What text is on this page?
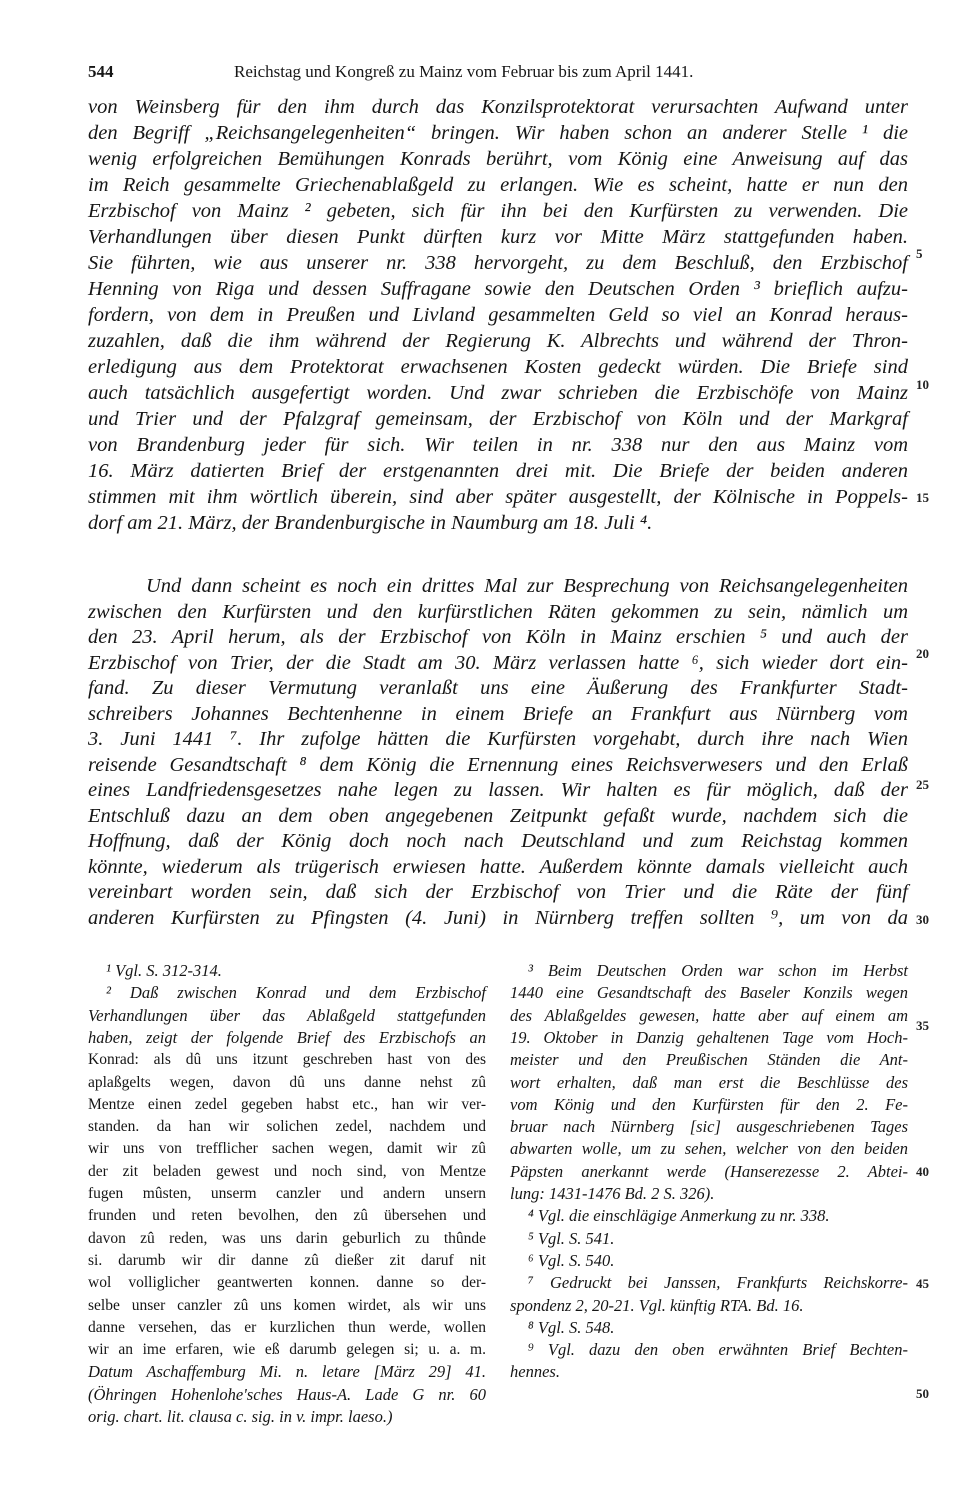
544	Reichstag und Kongreß zu Mainz vom Februar bis zum April 1441.
von Weinsberg für den ihm durch das Konzilsprotektorat verursachten Aufwand unter
den Begriff „Reichsangelegenheiten“ bringen. Wir haben schon an anderer Stelle ¹ die
wenig erfolgreichen Bemühungen Konrads berührt, vom König eine Anweisung auf das
im Reich gesammelte Griechenablaßgeld zu erlangen. Wie es scheint, hatte er nun den
Erzbischof von Mainz ² gebeten, sich für ihn bei den Kurfürsten zu verwenden. Die
Verhandlungen über diesen Punkt dürften kurz vor Mitte März stattgefunden haben.
Sie führten, wie aus unserer nr. 338 hervorgeht, zu dem Beschluß, den Erzbischof
Henning von Riga und dessen Suffragane sowie den Deutschen Orden ³ brieflich aufzu-
fordern, von dem in Preußen und Livland gesammelten Geld so viel an Konrad heraus-
zuzahlen, daß die ihm während der Regierung K. Albrechts und während der Thron-
erledigung aus dem Protektorat erwachsenen Kosten gedeckt würden. Die Briefe sind
auch tatsächlich ausgefertigt worden. Und zwar schrieben die Erzbischöfe von Mainz
und Trier und der Pfalzgraf gemeinsam, der Erzbischof von Köln und der Markgraf
von Brandenburg jeder für sich. Wir teilen in nr. 338 nur den aus Mainz vom
16. März datierten Brief der erstgenannten drei mit. Die Briefe der beiden anderen
stimmen mit ihm wörtlich überein, sind aber später ausgestellt, der Kölnische in Poppels-
dorf am 21. März, der Brandenburgische in Naumburg am 18. Juli ⁴.
Und dann scheint es noch ein drittes Mal zur Besprechung von Reichsangelegenheiten
zwischen den Kurfürsten und den kurfürstlichen Räten gekommen zu sein, nämlich um
den 23. April herum, als der Erzbischof von Köln in Mainz erschien ⁵ und auch der
Erzbischof von Trier, der die Stadt am 30. März verlassen hatte ⁶, sich wieder dort ein-
fand. Zu dieser Vermutung veranlaßt uns eine Äußerung des Frankfurter Stadt-
schreibers Johannes Bechtenhenne in einem Briefe an Frankfurt aus Nürnberg vom
3. Juni 1441 ⁷. Ihr zufolge hätten die Kurfürsten vorgehabt, durch ihre nach Wien
reisende Gesandtschaft ⁸ dem König die Ernennung eines Reichsverwesers und den Erlaß
eines Landfriedensgesetzes nahe legen zu lassen. Wir halten es für möglich, daß der
Entschluß dazu an dem oben angegebenen Zeitpunkt gefaßt wurde, nachdem sich die
Hoffnung, daß der König doch noch nach Deutschland und zum Reichstag kommen
könnte, wiederum als trügerisch erwiesen hatte. Außerdem könnte damals vielleicht auch
vereinbart worden sein, daß sich der Erzbischof von Trier und die Räte der fünf
anderen Kurfürsten zu Pfingsten (4. Juni) in Nürnberg treffen sollten ⁹, um von da
¹ Vgl. S. 312-314.
² Daß zwischen Konrad und dem Erzbischof
Verhandlungen über das Ablaßgeld stattgefunden
haben, zeigt der folgende Brief des Erzbischofs an
Konrad: als dû uns itzunt geschreben hast von des
aplaßgelts wegen, davon dû uns danne nehst zû
Mentze einen zedel gegeben habst etc., han wir ver-
standen. da han wir solichen zedel, nachdem und
wir uns von trefflicher sachen wegen, damit wir zû
der zit beladen gewest und noch sind, von Mentze
fugen mûsten, unserm canzler und andern unsern
frunden und reten bevolhen, den zû übersehen und
davon zû reden, was uns darin geburlich zu thûnde
si. darumb wir dir danne zû dießer zit daruf nit
wol volliglicher geantwerten konnen. danne so der-
selbe unser canzler zû uns komen wirdet, als wir uns
danne versehen, das er kurzlichen thun werde, wollen
wir an ime erfaren, wie eß darumb gelegen si; u. a. m.
Datum Aschaffemburg Mi. n. letare [März 29] 41.
(Öhringen Hohenlohe'sches Haus-A. Lade G nr. 60
orig. chart. lit. clausa c. sig. in v. impr. laeso.)
³ Beim Deutschen Orden war schon im Herbst
1440 eine Gesandtschaft des Baseler Konzils wegen
des Ablaßgeldes gewesen, hatte aber auf einem am
19. Oktober in Danzig gehaltenen Tage vom Hoch-
meister und den Preußischen Ständen die Ant-
wort erhalten, daß man erst die Beschlüsse des
vom König und den Kurfürsten für den 2. Fe-
bruar nach Nürnberg [sic] ausgeschriebenen Tages
abwarten wolle, um zu sehen, welcher von den beiden
Päpsten anerkannt werde (Hanserezesse 2. Abtei-
lung: 1431-1476 Bd. 2 S. 326).
⁴ Vgl. die einschlägige Anmerkung zu nr. 338.
⁵ Vgl. S. 541.
⁶ Vgl. S. 540.
⁷ Gedruckt bei Janssen, Frankfurts Reichskorre-
spondenz 2, 20-21. Vgl. künftig RTA. Bd. 16.
⁸ Vgl. S. 548.
⁹ Vgl. dazu den oben erwähnten Brief Bechten-
hennes.
5
10
15
20
25
30
35
40
45
50
